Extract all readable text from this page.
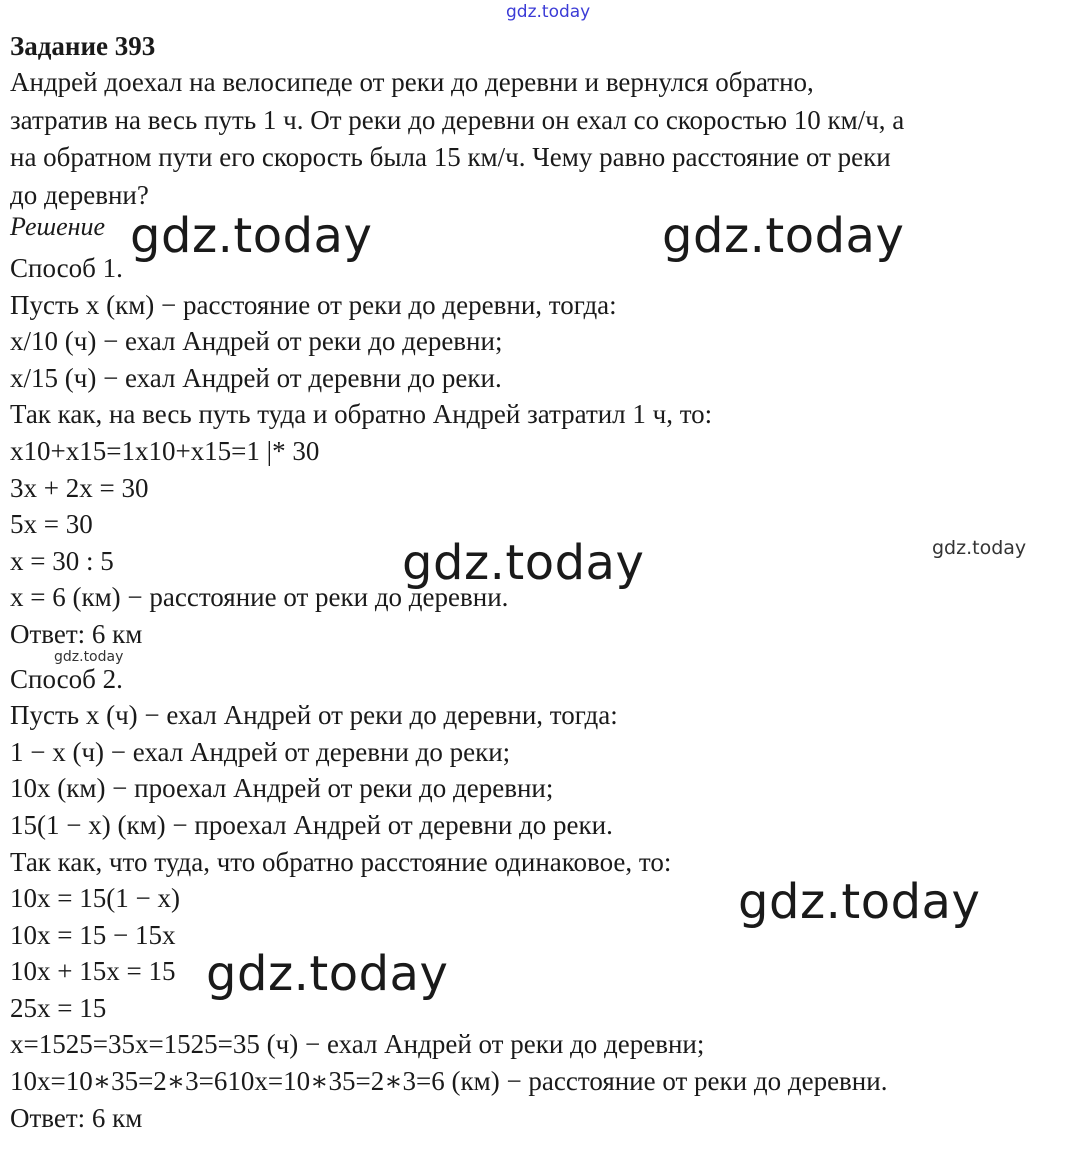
Задание 393

Андрей доехал на велосипеде от реки до деревни и вернулся обратно,

затратив на весь путь 1 ч. От реки до деревни он ехал со скоростью 10 км/ч, а

на обратном пути его скорость была 15 км/ч. Чему равно расстояние от реки

до деревни?

Решение

Способ 1.

Пусть x (км) − расстояние от реки до деревни, тогда:

x/10 (ч) − ехал Андрей от реки до деревни;

x/15 (ч) − ехал Андрей от деревни до реки.

Так как, на весь путь туда и обратно Андрей затратил 1 ч, то:

x10+x15=1x10+x15=1 |* 30

3x + 2x = 30

5x = 30

x = 30 : 5

x = 6 (км) − расстояние от реки до деревни.

Ответ: 6 км

Способ 2.

Пусть x (ч) − ехал Андрей от реки до деревни, тогда:

1 − x (ч) − ехал Андрей от деревни до реки;

10x (км) − проехал Андрей от реки до деревни;

15(1 − x) (км) − проехал Андрей от деревни до реки.

Так как, что туда, что обратно расстояние одинаковое, то:

10x = 15(1 − x)

10x = 15 − 15x

10x + 15x = 15

25x = 15

x=1525=35x=1525=35 (ч) − ехал Андрей от реки до деревни;

10x=10∗35=2∗3=610x=10∗35=2∗3=6 (км) − расстояние от реки до деревни.

Ответ: 6 км

gdz.today
gdz.today	gdz.today
gdz.today	gdz.today
gdz.today
gdz.today
gdz.today
